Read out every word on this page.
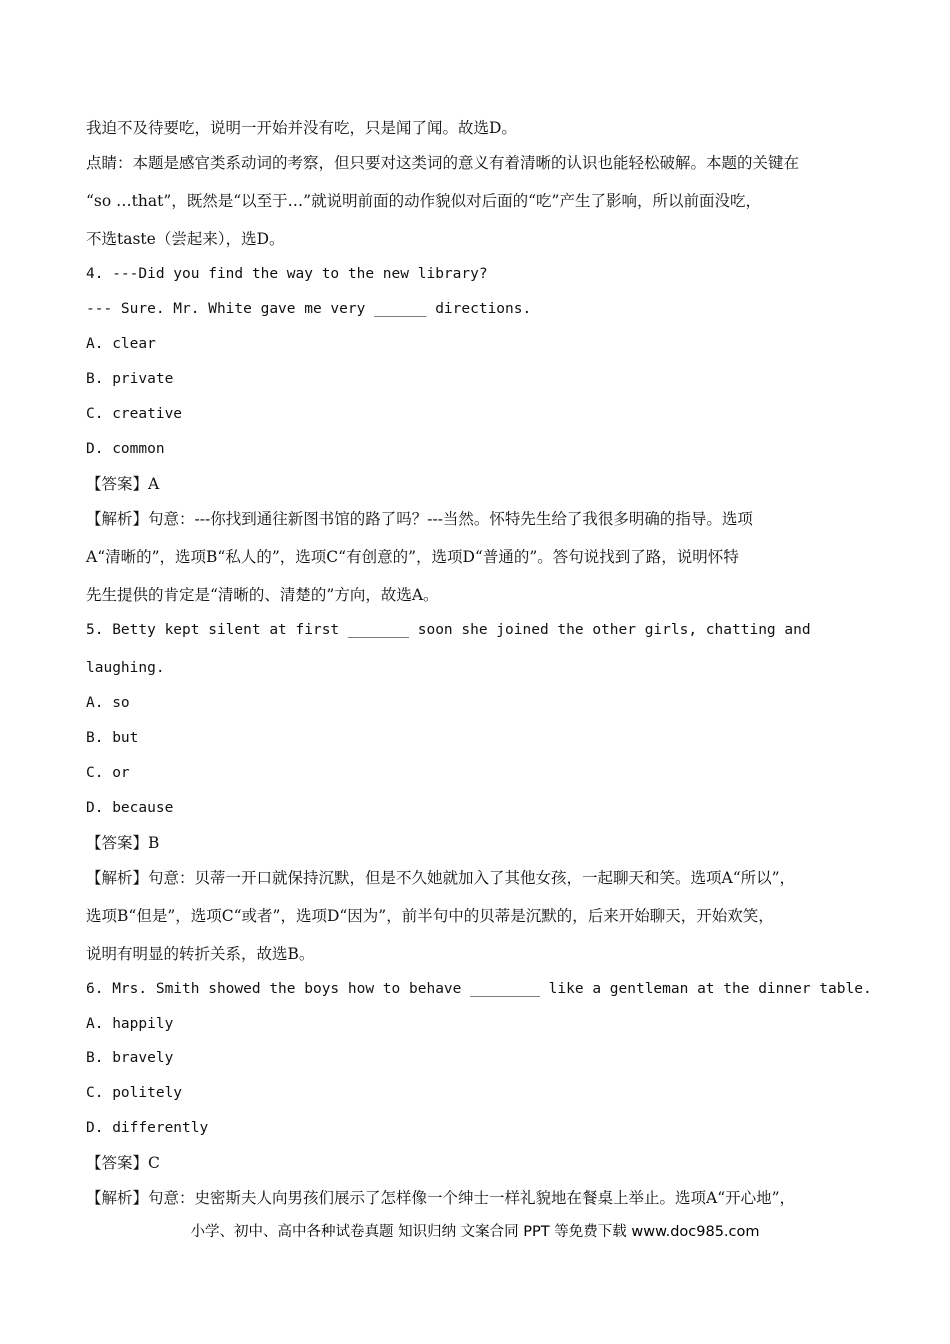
我迫不及待要吃，说明一开始并没有吃，只是闻了闻。故选D。
点睛：本题是感官类系动词的考察，但只要对这类词的意义有着清晰的认识也能轻松破解。本题的关键在
“so …that”，既然是“以至于…”就说明前面的动作貌似对后面的“吃”产生了影响，所以前面没吃，
不选taste（尝起来），选D。
4. ---Did you find the way to the new library?
--- Sure. Mr. White gave me very ______ directions.
A. clear
B. private
C. creative
D. common
【答案】A
【解析】句意：---你找到通往新图书馆的路了吗？---当然。怀特先生给了我很多明确的指导。选项
A“清晰的”，选项B“私人的”，选项C“有创意的”，选项D“普通的”。答句说找到了路，说明怀特
先生提供的肯定是“清晰的、清楚的”方向，故选A。
5. Betty kept silent at first _______ soon she joined the other girls, chatting and
laughing.
A. so
B. but
C. or
D. because
【答案】B
【解析】句意：贝蒂一开口就保持沉默，但是不久她就加入了其他女孩，一起聊天和笑。选项A“所以”，
选项B“但是”，选项C“或者”，选项D“因为”，前半句中的贝蒂是沉默的，后来开始聊天，开始欢笑，
说明有明显的转折关系，故选B。
6. Mrs. Smith showed the boys how to behave ________ like a gentleman at the dinner table.
A. happily
B. bravely
C. politely
D. differently
【答案】C
【解析】句意：史密斯夫人向男孩们展示了怎样像一个绅士一样礼貌地在餐桌上举止。选项A“开心地”，
小学、初中、高中各种试卷真题 知识归纳 文案合同 PPT 等免费下载 www.doc985.com
